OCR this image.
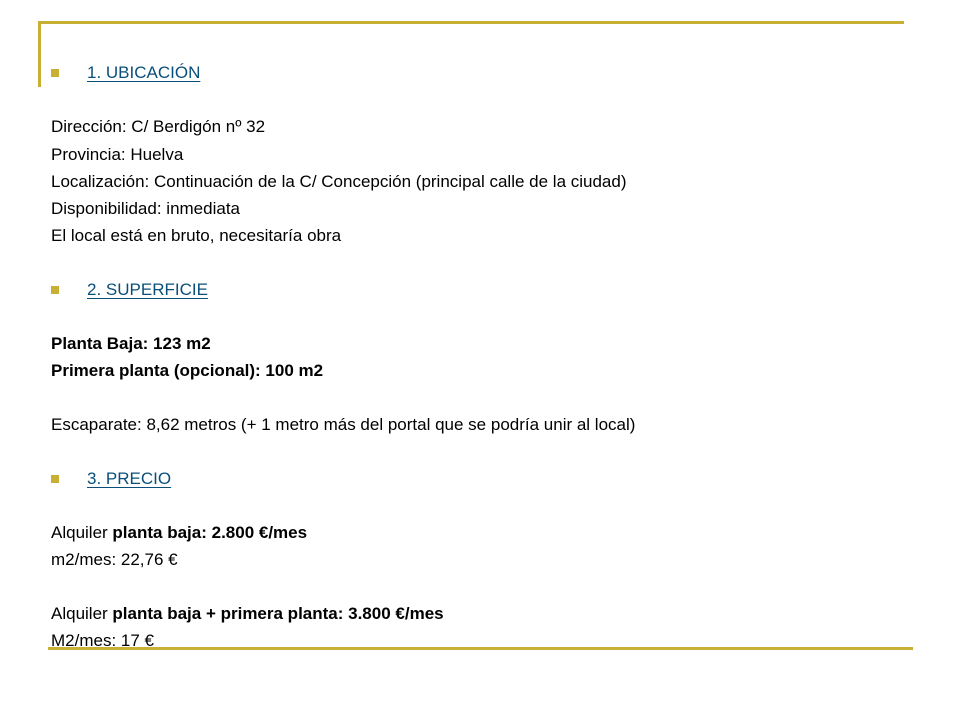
1. UBICACIÓN
Dirección: C/ Berdigón nº 32
Provincia: Huelva
Localización: Continuación de la C/ Concepción (principal calle de la ciudad)
Disponibilidad: inmediata
El local está en bruto, necesitaría obra
2. SUPERFICIE
Planta Baja: 123 m2
Primera planta (opcional): 100 m2
Escaparate: 8,62 metros (+ 1 metro más del portal que se podría unir al local)
3. PRECIO
Alquiler planta baja: 2.800 €/mes
m2/mes: 22,76 €
Alquiler planta baja + primera planta: 3.800 €/mes
M2/mes: 17 €
